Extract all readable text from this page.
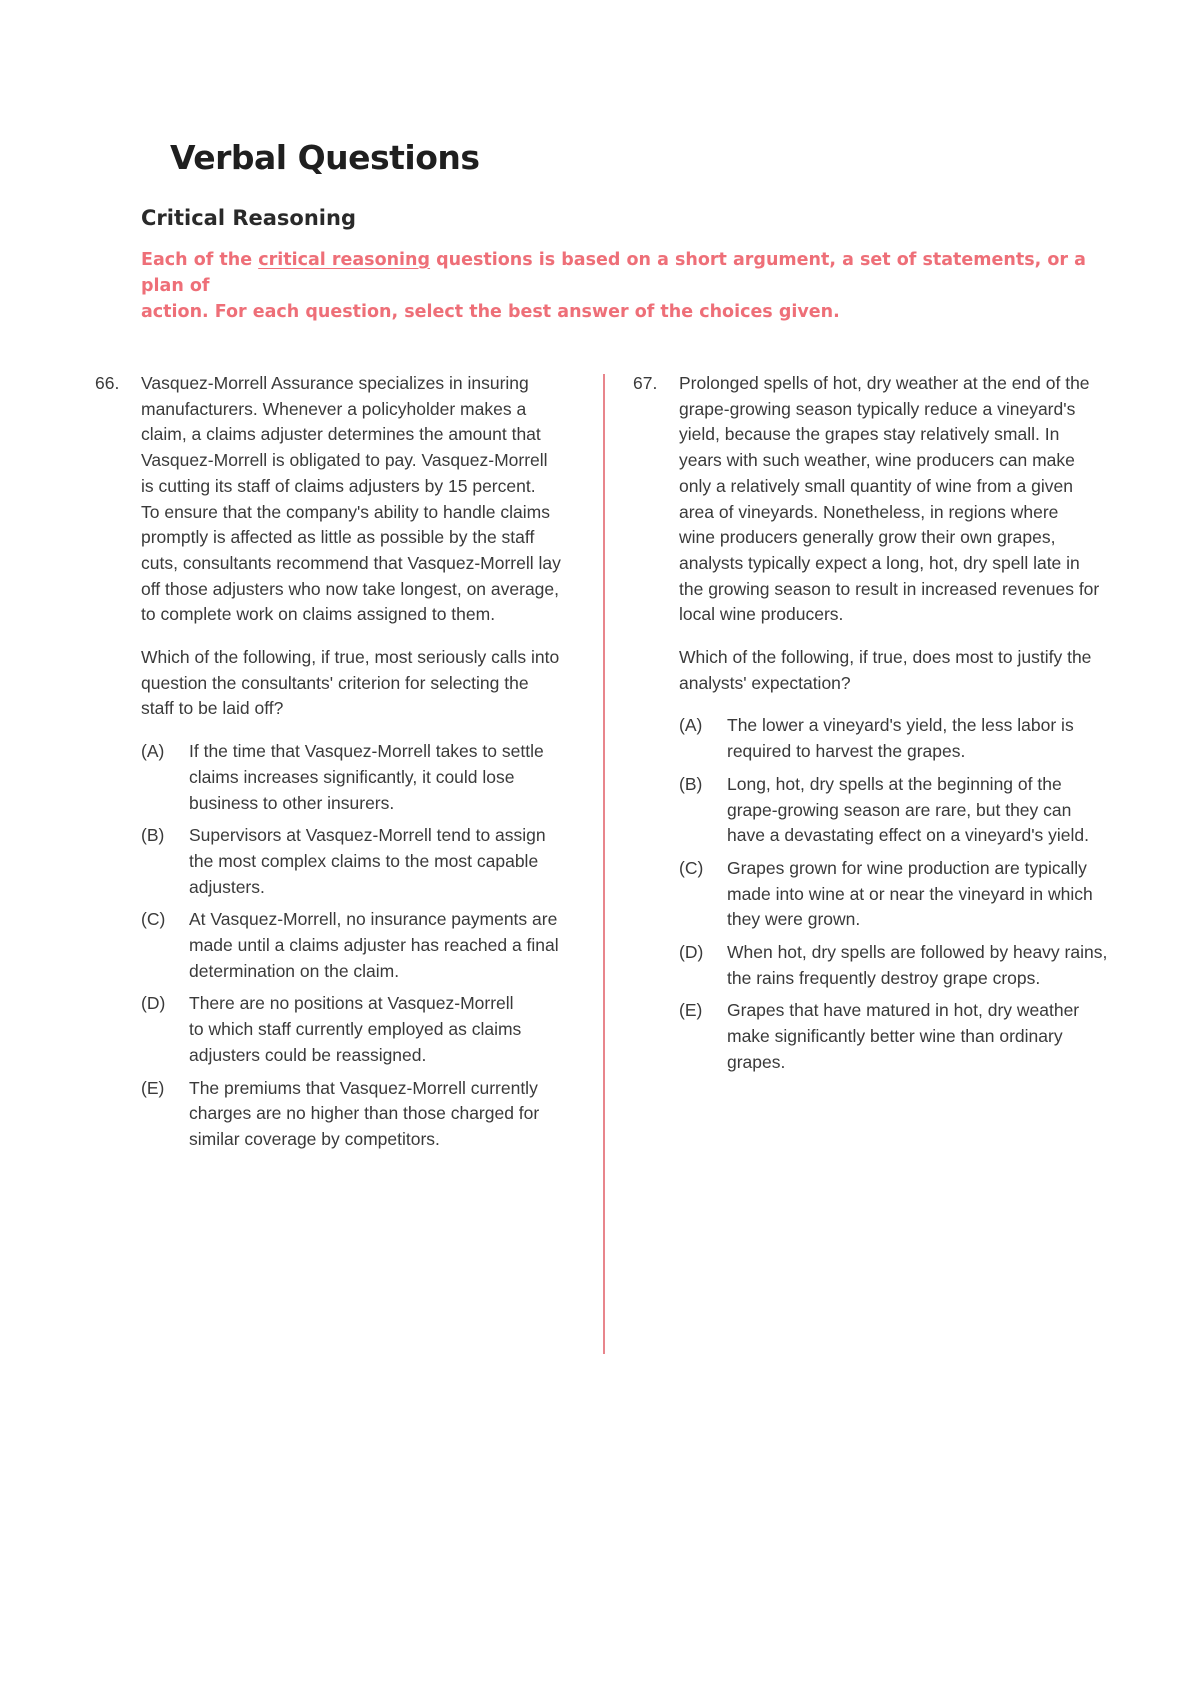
Verbal Questions
Critical Reasoning

Each of the critical reasoning questions is based on a short argument, a set of statements, or a plan of
action. For each question, select the best answer of the choices given.

66.	Vasquez-Morrell Assurance specializes in insuring
manufacturers. Whenever a policyholder makes a
claim, a claims adjuster determines the amount that
Vasquez-Morrell is obligated to pay. Vasquez-Morrell
is cutting its staff of claims adjusters by 15 percent.
To ensure that the company's ability to handle claims
promptly is affected as little as possible by the staff
cuts, consultants recommend that Vasquez-Morrell lay
off those adjusters who now take longest, on average,
to complete work on claims assigned to them.
Which of the following, if true, most seriously calls into
question the consultants' criterion for selecting the
staff to be laid off?
(A)	If the time that Vasquez-Morrell takes to settle
claims increases significantly, it could lose
business to other insurers.
(B)	Supervisors at Vasquez-Morrell tend to assign
the most complex claims to the most capable
adjusters.
(C)	At Vasquez-Morrell, no insurance payments are
made until a claims adjuster has reached a final
determination on the claim.
(D)	There are no positions at Vasquez-Morrell
to which staff currently employed as claims
adjusters could be reassigned.
(E)	The premiums that Vasquez-Morrell currently
charges are no higher than those charged for
similar coverage by competitors.
67.	Prolonged spells of hot, dry weather at the end of the
grape-growing season typically reduce a vineyard's
yield, because the grapes stay relatively small. In
years with such weather, wine producers can make
only a relatively small quantity of wine from a given
area of vineyards. Nonetheless, in regions where
wine producers generally grow their own grapes,
analysts typically expect a long, hot, dry spell late in
the growing season to result in increased revenues for
local wine producers.
Which of the following, if true, does most to justify the
analysts' expectation?
(A)	The lower a vineyard's yield, the less labor is
required to harvest the grapes.
(B)	Long, hot, dry spells at the beginning of the
grape-growing season are rare, but they can
have a devastating effect on a vineyard's yield.
(C)	Grapes grown for wine production are typically
made into wine at or near the vineyard in which
they were grown.
(D)	When hot, dry spells are followed by heavy rains,
the rains frequently destroy grape crops.
(E)	Grapes that have matured in hot, dry weather
make significantly better wine than ordinary
grapes.
